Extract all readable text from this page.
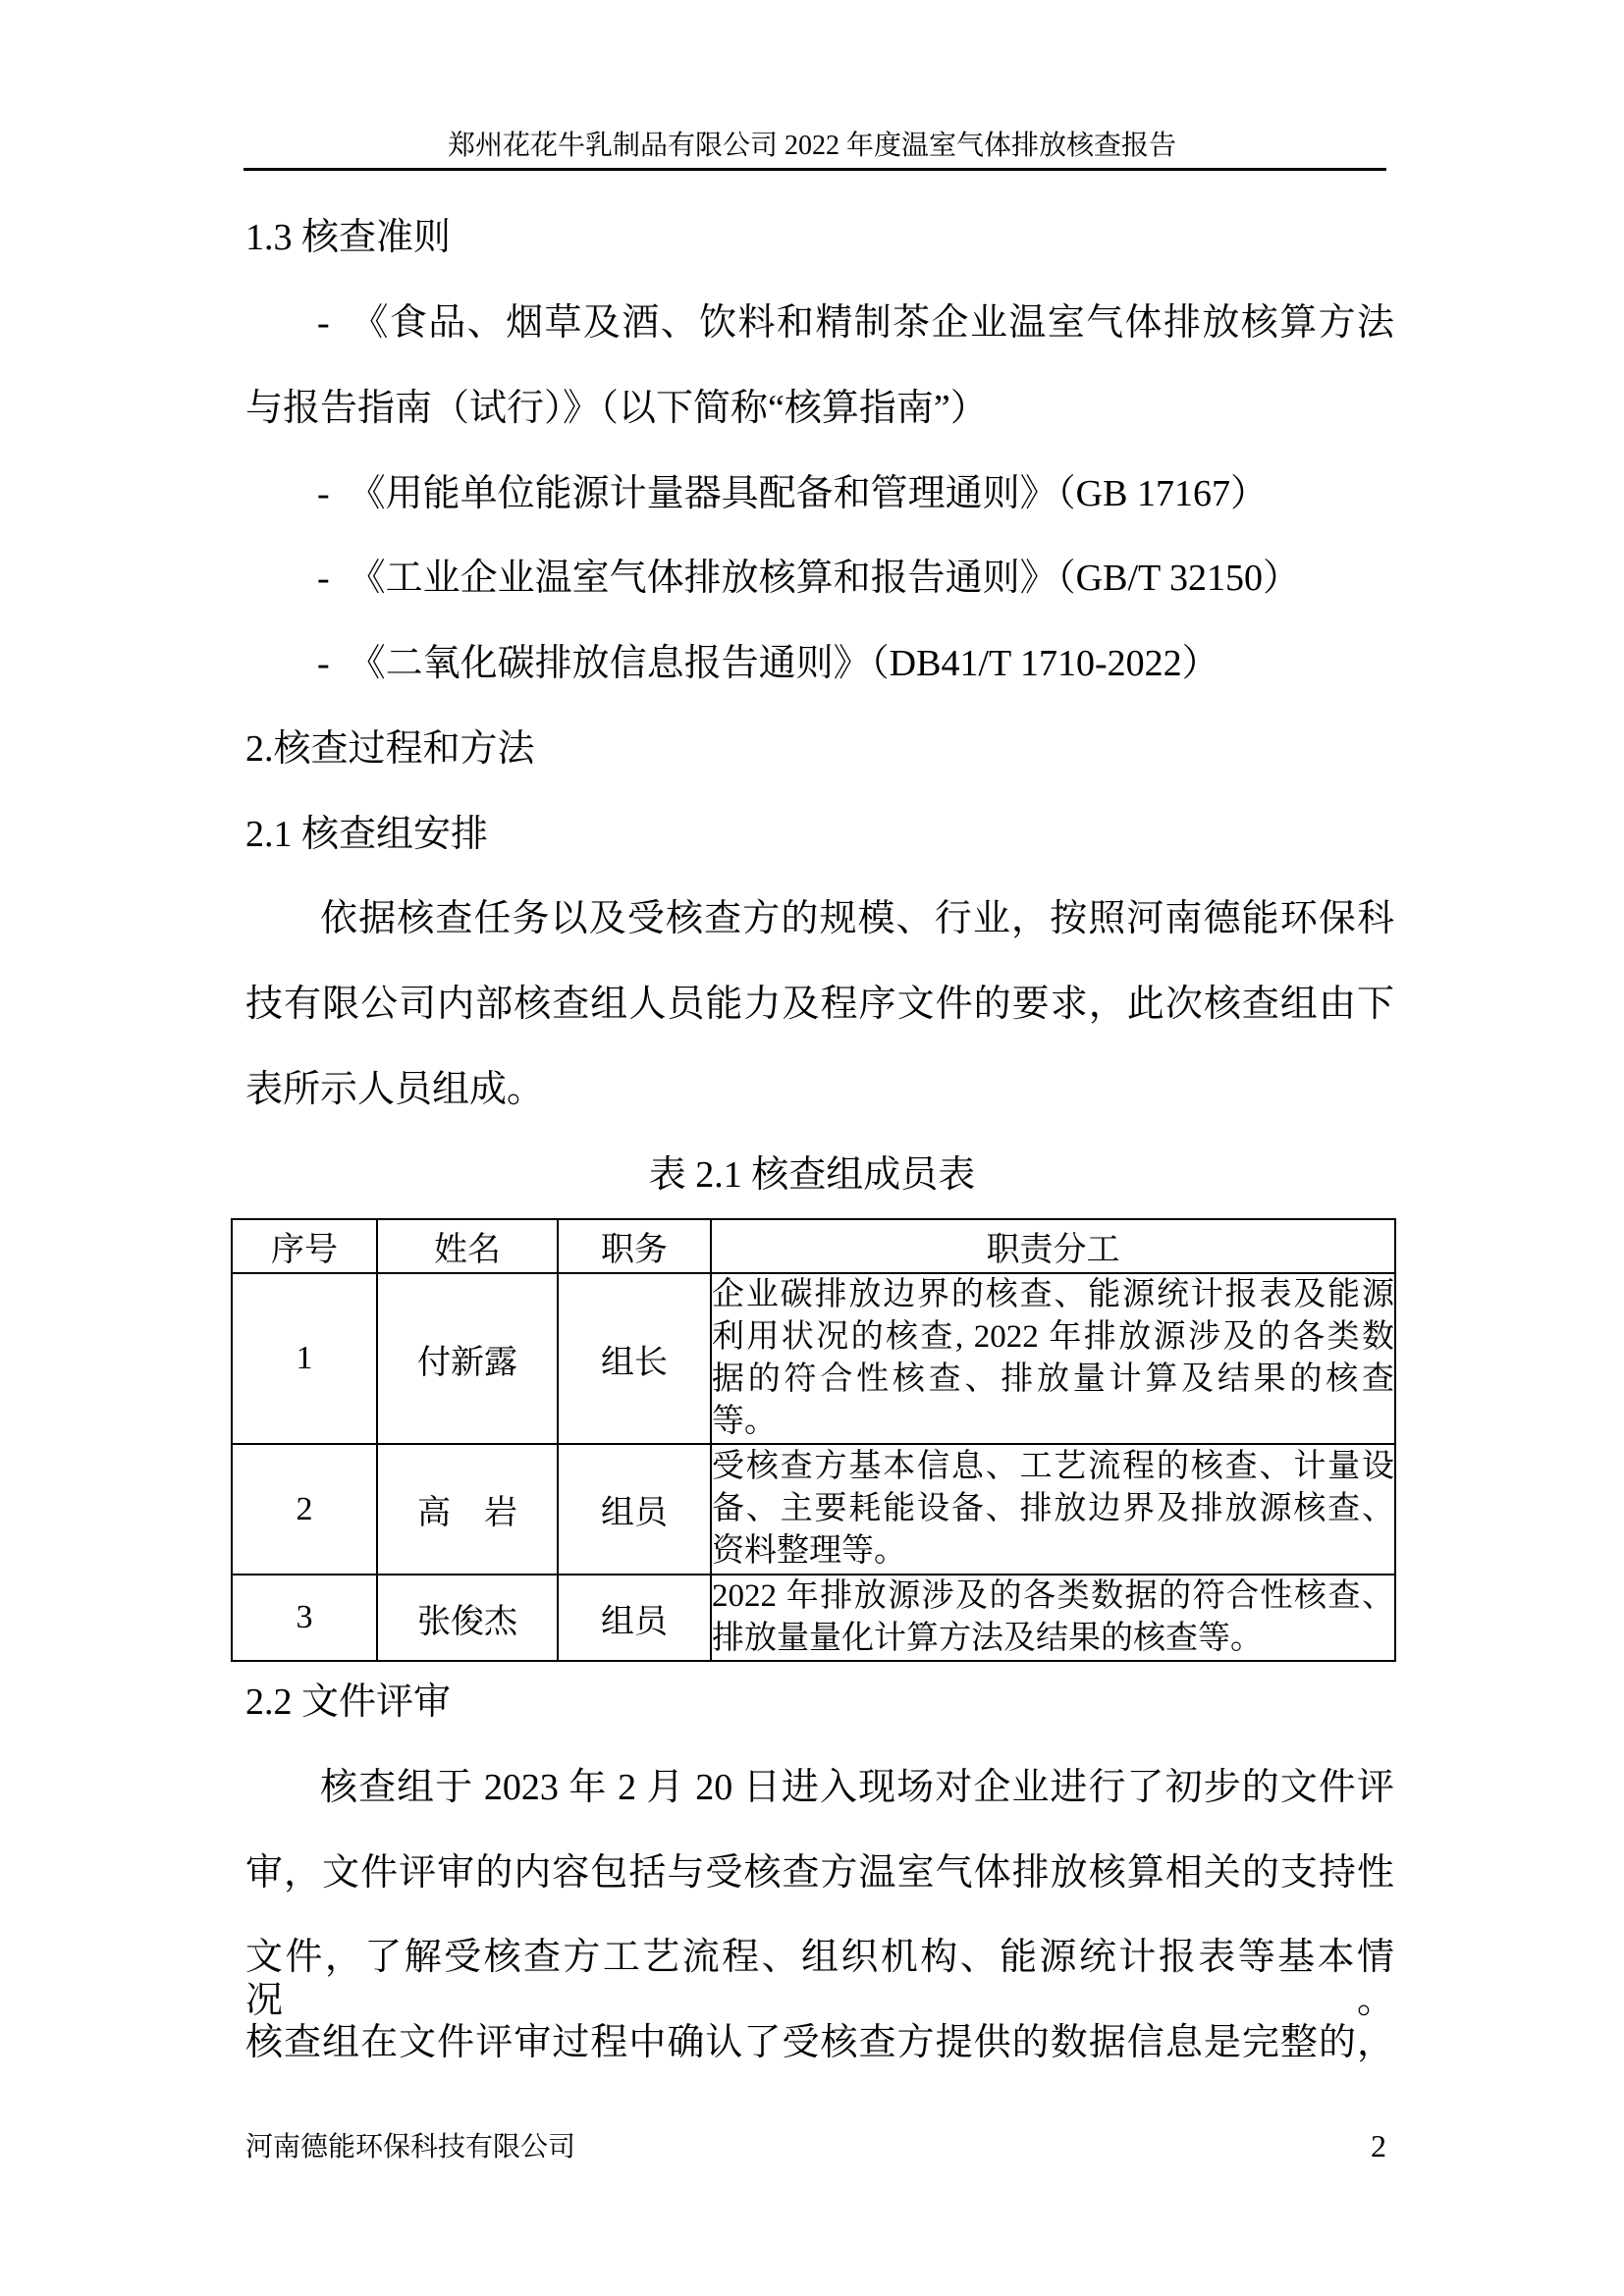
郑州花花牛乳制品有限公司 2022 年度温室气体排放核查报告
1.3 核查准则
-　《食品、烟草及酒、饮料和精制茶企业温室气体排放核算方法
与报告指南（试行）》（以下简称“核算指南”）
-　《用能单位能源计量器具配备和管理通则》（GB 17167）
-　《工业企业温室气体排放核算和报告通则》（GB/T 32150）
-　《二氧化碳排放信息报告通则》（DB41/T 1710-2022）
2.核查过程和方法
2.1 核查组安排
依据核查任务以及受核查方的规模、行业，按照河南德能环保科
技有限公司内部核查组人员能力及程序文件的要求，此次核查组由下
表所示人员组成。
表 2.1 核查组成员表
序号	姓名	职务	职责分工
1	付新露	组长	企业碳排放边界的核查、能源统计报表及能源
利用状况的核查, 2022 年排放源涉及的各类数
据的符合性核查、排放量计算及结果的核查
等。

2	高　岩	组员	受核查方基本信息、工艺流程的核查、计量设
备、主要耗能设备、排放边界及排放源核查、
资料整理等。

3	张俊杰	组员	2022 年排放源涉及的各类数据的符合性核查、
排放量量化计算方法及结果的核查等。
2.2 文件评审
核查组于 2023 年 2 月 20 日进入现场对企业进行了初步的文件评
审，文件评审的内容包括与受核查方温室气体排放核算相关的支持性
文件，了解受核查方工艺流程、组织机构、能源统计报表等基本情况。
核查组在文件评审过程中确认了受核查方提供的数据信息是完整的，
河南德能环保科技有限公司	2
